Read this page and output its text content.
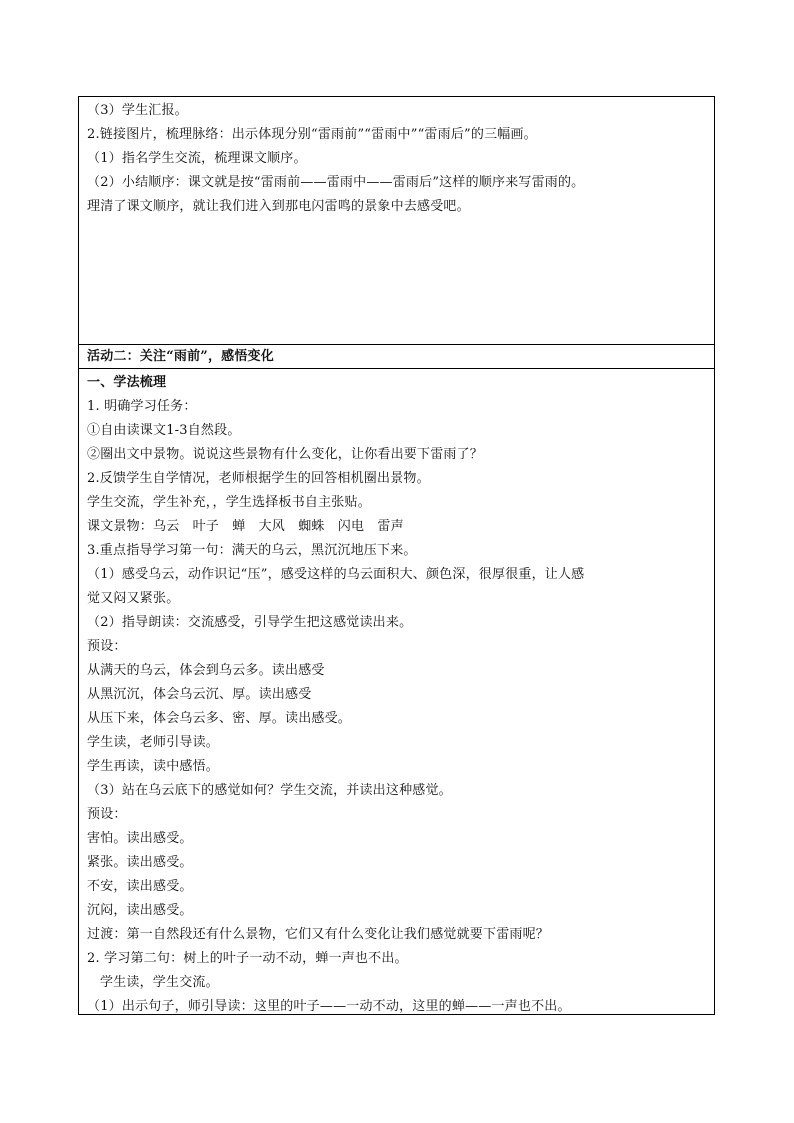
（3）学生汇报。
2.链接图片，梳理脉络：出示体现分别“雷雨前”“雷雨中”“雷雨后”的三幅画。
（1）指名学生交流，梳理课文顺序。
（2）小结顺序：课文就是按“雷雨前——雷雨中——雷雨后”这样的顺序来写雷雨的。
理清了课文顺序，就让我们进入到那电闪雷鸣的景象中去感受吧。
活动二：关注“雨前”，感悟变化
一、学法梳理
1. 明确学习任务：
①自由读课文1-3自然段。
②圈出文中景物。说说这些景物有什么变化，让你看出要下雷雨了？
2.反馈学生自学情况，老师根据学生的回答相机圈出景物。
学生交流，学生补充，，学生选择板书自主张贴。
课文景物：乌云　叶子　蝉　大风　蜘蛛　闪电　雷声
3.重点指导学习第一句：满天的乌云，黑沉沉地压下来。
（1）感受乌云，动作识记“压”，感受这样的乌云面积大、颜色深，很厚很重，让人感
觉又闷又紧张。
（2）指导朗读：交流感受，引导学生把这感觉读出来。
预设：
从满天的乌云，体会到乌云多。读出感受
从黑沉沉，体会乌云沉、厚。读出感受
从压下来，体会乌云多、密、厚。读出感受。
学生读，老师引导读。
学生再读，读中感悟。
（3）站在乌云底下的感觉如何？学生交流，并读出这种感觉。
预设：
害怕。读出感受。
紧张。读出感受。
不安，读出感受。
沉闷，读出感受。
过渡：第一自然段还有什么景物，它们又有什么变化让我们感觉就要下雷雨呢？
2. 学习第二句：树上的叶子一动不动，蝉一声也不出。
学生读，学生交流。
（1）出示句子，师引导读：这里的叶子——一动不动，这里的蝉——一声也不出。
